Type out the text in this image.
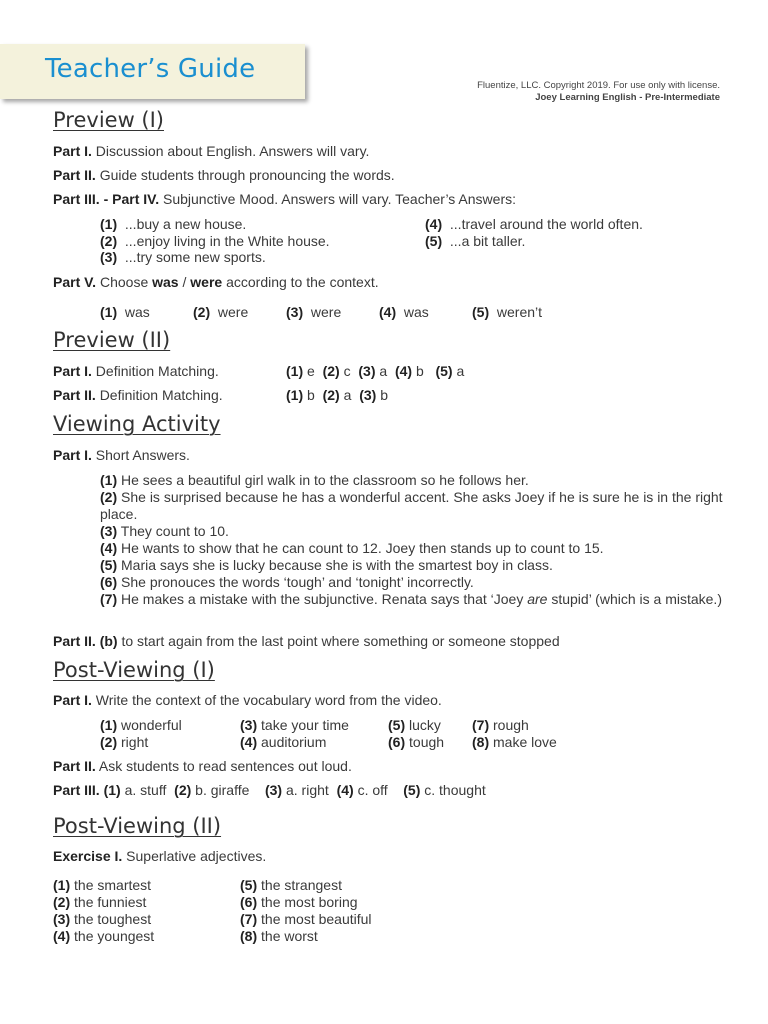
Teacher’s Guide
Fluentize, LLC. Copyright 2019. For use only with license.
Joey Learning English - Pre-Intermediate
Preview (I)
Part I. Discussion about English. Answers will vary.
Part II. Guide students through pronouncing the words.
Part III. - Part IV. Subjunctive Mood. Answers will vary. Teacher’s Answers:
(1) ...buy a new house.
(2) ...enjoy living in the White house.
(3) ...try some new sports.
(4) ...travel around the world often.
(5) ...a bit taller.
Part V. Choose was / were according to the context.
(1) was	(2) were	(3) were	(4) was	(5) weren’t
Preview (II)
Part I. Definition Matching.	(1) e (2) c (3) a (4) b (5) a
Part II. Definition Matching.	(1) b (2) a (3) b
Viewing Activity
Part I. Short Answers.
(1) He sees a beautiful girl walk in to the classroom so he follows her.
(2) She is surprised because he has a wonderful accent. She asks Joey if he is sure he is in the right place.
(3) They count to 10.
(4) He wants to show that he can count to 12. Joey then stands up to count to 15.
(5) Maria says she is lucky because she is with the smartest boy in class.
(6) She pronouces the words ‘tough’ and ‘tonight’ incorrectly.
(7) He makes a mistake with the subjunctive. Renata says that ‘Joey are stupid’ (which is a mistake.)
Part II. (b) to start again from the last point where something or someone stopped
Post-Viewing (I)
Part I. Write the context of the vocabulary word from the video.
(1) wonderful
(2) right
(3) take your time
(4) auditorium
(5) lucky
(6) tough
(7) rough
(8) make love
Part II. Ask students to read sentences out loud.
Part III. (1) a. stuff (2) b. giraffe (3) a. right (4) c. off (5) c. thought
Post-Viewing (II)
Exercise I. Superlative adjectives.
(1) the smartest
(2) the funniest
(3) the toughest
(4) the youngest
(5) the strangest
(6) the most boring
(7) the most beautiful
(8) the worst
